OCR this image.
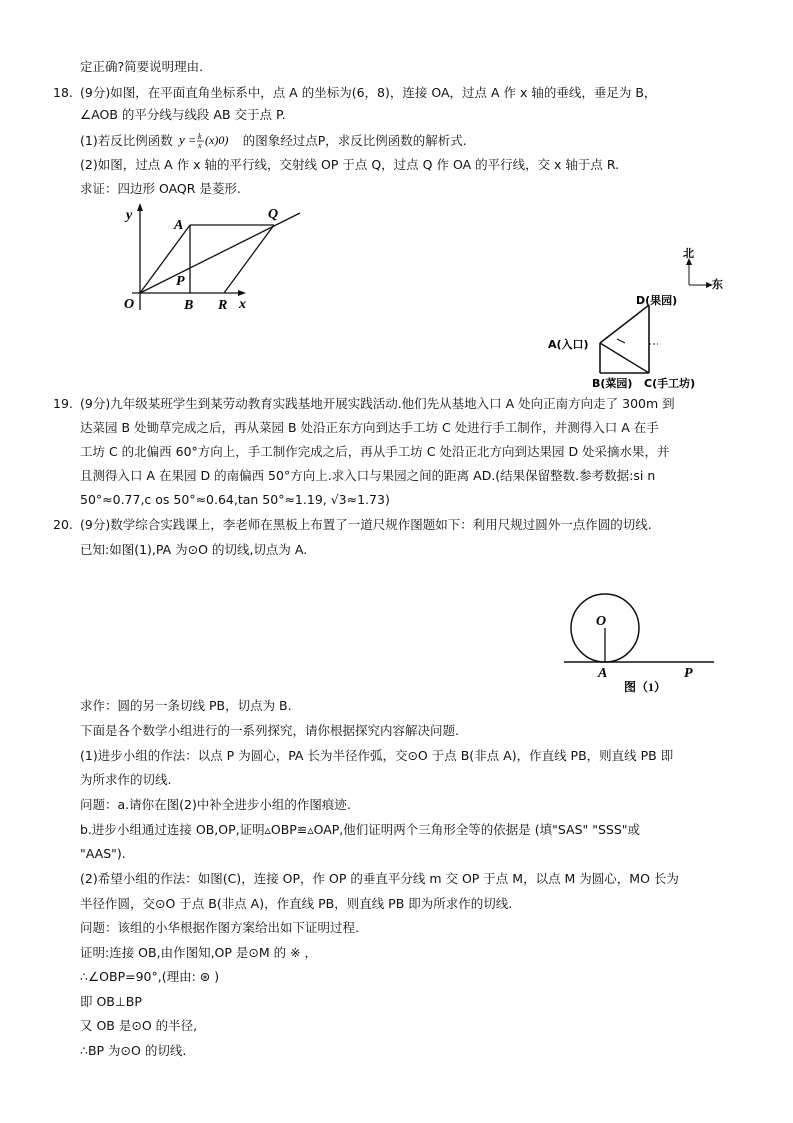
定正确?简要说明理由.
18. (9分)如图，在平面直角坐标系中，点 A 的坐标为(6，8)，连接 OA，过点 A 作 x 轴的垂线，垂足为 B，
∠AOB 的平分线与线段 AB 交于点 P.
(1)若反比例函数 y = k
x (x)0) 的图象经过点P，求反比例函数的解析式.
(2)如图，过点 A 作 x 轴的平行线，交射线 OP 于点 Q，过点 Q 作 OA 的平行线，交 x 轴于点 R.
求证：四边形 OAQR 是菱形.
y
x
O
A
Q
P
B R
北
东
D(果园)
A(入口)
B(菜园) C(手工坊)
19. (9分)九年级某班学生到某劳动教育实践基地开展实践活动.他们先从基地入口 A 处向正南方向走了 300m 到
达菜园 B 处锄草完成之后，再从菜园 B 处沿正东方向到达手工坊 C 处进行手工制作，并测得入口 A 在手
工坊 C 的北偏西 60°方向上，手工制作完成之后，再从手工坊 C 处沿正北方向到达果园 D 处采摘水果，并
且测得入口 A 在果园 D 的南偏西 50°方向上.求入口与果园之间的距离 AD.(结果保留整数.参考数据:si n
50°≈0.77,c os 50°≈0.64,tan 50°≈1.19, √3≈1.73)
20. (9分)数学综合实践课上，李老师在黑板上布置了一道尺规作图题如下：利用尺规过圆外一点作圆的切线.
已知:如图(1),PA 为⊙O 的切线,切点为 A.
O
A	P
图（1）
求作：圆的另一条切线 PB，切点为 B.
下面是各个数学小组进行的一系列探究，请你根据探究内容解决问题.
(1)进步小组的作法：以点 P 为圆心，PA 长为半径作弧，交⊙O 于点 B(非点 A)，作直线 PB，则直线 PB 即
为所求作的切线.
问题：a.请你在图(2)中补全进步小组的作图痕迹.
b.进步小组通过连接 OB,OP,证明▵OBP≌▵OAP,他们证明两个三角形全等的依据是 (填"SAS" "SSS"或
"AAS").
(2)希望小组的作法：如图(C)，连接 OP，作 OP 的垂直平分线 m 交 OP 于点 M，以点 M 为圆心，MO 长为
半径作圆，交⊙O 于点 B(非点 A)，作直线 PB，则直线 PB 即为所求作的切线.
问题：该组的小华根据作图方案给出如下证明过程.
证明:连接 OB,由作图知,OP 是⊙M 的 ※ ，
∴∠OBP=90°,(理由: ⊛ )
即 OB⊥BP
又 OB 是⊙O 的半径,
∴BP 为⊙O 的切线.
